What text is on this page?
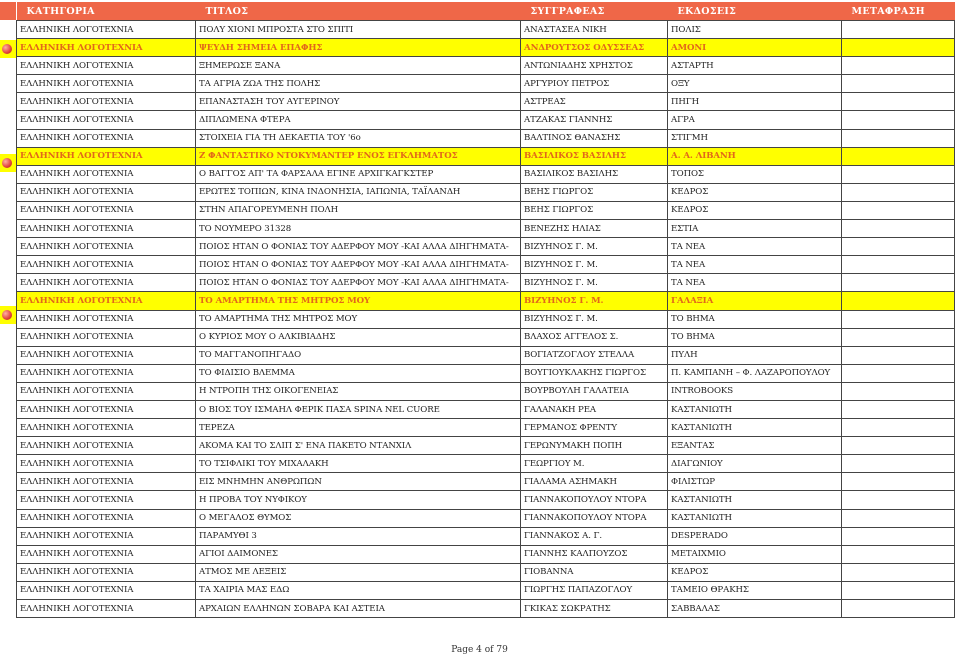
ΚΑΤΗΓΟΡΙΑ	ΤΙΤΛΟΣ	ΣΥΓΓΡΑΦΕΑΣ	ΕΚΔΟΣΕΙΣ	ΜΕΤΑΦΡΑΣΗ
ΕΛΛΗΝΙΚΗ ΛΟΓΟΤΕΧΝΙΑ	ΠΟΛΥ ΧΙΟΝΙ ΜΠΡΟΣΤΑ ΣΤΟ ΣΠΙΤΙ	ΑΝΑΣΤΑΣΕΑ ΝΙΚΗ	ΠΟΛΙΣ	
ΕΛΛΗΝΙΚΗ ΛΟΓΟΤΕΧΝΙΑ	ΨΕΥΔΗ ΣΗΜΕΙΑ ΕΠΑΦΗΣ	ΑΝΔΡΟΥΤΣΟΣ ΟΔΥΣΣΕΑΣ	ΑΜΟΝΙ	
ΕΛΛΗΝΙΚΗ ΛΟΓΟΤΕΧΝΙΑ	ΞΗΜΕΡΩΣΕ ΞΑΝΑ	ΑΝΤΩΝΙΑΔΗΣ ΧΡΗΣΤΟΣ	ΑΣΤΑΡΤΗ	
ΕΛΛΗΝΙΚΗ ΛΟΓΟΤΕΧΝΙΑ	ΤΑ ΑΓΡΙΑ ΖΩΑ ΤΗΣ ΠΟΛΗΣ	ΑΡΓΥΡΙΟΥ ΠΕΤΡΟΣ	ΟΞΥ	
ΕΛΛΗΝΙΚΗ ΛΟΓΟΤΕΧΝΙΑ	ΕΠΑΝΑΣΤΑΣΗ ΤΟΥ ΑΥΓΕΡΙΝΟΥ	ΑΣΤΡΕΑΣ	ΠΗΓΗ	
ΕΛΛΗΝΙΚΗ ΛΟΓΟΤΕΧΝΙΑ	ΔΙΠΛΩΜΕΝΑ ΦΤΕΡΑ	ΑΤΖΑΚΑΣ ΓΙΑΝΝΗΣ	ΑΓΡΑ	
ΕΛΛΗΝΙΚΗ ΛΟΓΟΤΕΧΝΙΑ	ΣΤΟΙΧΕΙΑ ΓΙΑ ΤΗ ΔΕΚΑΕΤΙΑ ΤΟΥ '6ο	ΒΑΛΤΙΝΟΣ ΘΑΝΑΣΗΣ	ΣΤΙΓΜΗ	
ΕΛΛΗΝΙΚΗ ΛΟΓΟΤΕΧΝΙΑ	Ζ ΦΑΝΤΑΣΤΙΚΟ ΝΤΟΚΥΜΑΝΤΕΡ ΕΝΟΣ ΕΓΚΛΗΜΑΤΟΣ	ΒΑΣΙΛΙΚΟΣ ΒΑΣΙΛΗΣ	Α. Α. ΛΙΒΑΝΗ	
ΕΛΛΗΝΙΚΗ ΛΟΓΟΤΕΧΝΙΑ	Ο ΒΑΓΓΟΣ ΑΠ' ΤΑ ΦΑΡΣΑΛΑ ΕΓΙΝΕ ΑΡΧΙΓΚΑΓΚΣΤΕΡ	ΒΑΣΙΛΙΚΟΣ ΒΑΣΙΛΗΣ	ΤΟΠΟΣ	
ΕΛΛΗΝΙΚΗ ΛΟΓΟΤΕΧΝΙΑ	ΕΡΩΤΕΣ ΤΟΠΙΩΝ, ΚΙΝΑ ΙΝΔΟΝΗΣΙΑ, ΙΑΠΩΝΙΑ, ΤΑΪΛΑΝΔΗ	ΒΕΗΣ ΓΙΩΡΓΟΣ	ΚΕΔΡΟΣ	
ΕΛΛΗΝΙΚΗ ΛΟΓΟΤΕΧΝΙΑ	ΣΤΗΝ ΑΠΑΓΟΡΕΥΜΕΝΗ ΠΟΛΗ	ΒΕΗΣ ΓΙΩΡΓΟΣ	ΚΕΔΡΟΣ	
ΕΛΛΗΝΙΚΗ ΛΟΓΟΤΕΧΝΙΑ	ΤΟ ΝΟΥΜΕΡΟ 31328	ΒΕΝΕΖΗΣ ΗΛΙΑΣ	ΕΣΤΙΑ	
ΕΛΛΗΝΙΚΗ ΛΟΓΟΤΕΧΝΙΑ	ΠΟΙΟΣ ΗΤΑΝ Ο ΦΟΝΙΑΣ ΤΟΥ ΑΔΕΡΦΟΥ ΜΟΥ -ΚΑΙ ΑΛΛΑ ΔΙΗΓΗΜΑΤΑ-	ΒΙΖΥΗΝΟΣ Γ. Μ.	ΤΑ ΝΕΑ	
ΕΛΛΗΝΙΚΗ ΛΟΓΟΤΕΧΝΙΑ	ΠΟΙΟΣ ΗΤΑΝ Ο ΦΟΝΙΑΣ ΤΟΥ ΑΔΕΡΦΟΥ ΜΟΥ -ΚΑΙ ΑΛΛΑ ΔΙΗΓΗΜΑΤΑ-	ΒΙΖΥΗΝΟΣ Γ. Μ.	ΤΑ ΝΕΑ	
ΕΛΛΗΝΙΚΗ ΛΟΓΟΤΕΧΝΙΑ	ΠΟΙΟΣ ΗΤΑΝ Ο ΦΟΝΙΑΣ ΤΟΥ ΑΔΕΡΦΟΥ ΜΟΥ -ΚΑΙ ΑΛΛΑ ΔΙΗΓΗΜΑΤΑ-	ΒΙΖΥΗΝΟΣ Γ. Μ.	ΤΑ ΝΕΑ	
ΕΛΛΗΝΙΚΗ ΛΟΓΟΤΕΧΝΙΑ	ΤΟ ΑΜΑΡΤΗΜΑ ΤΗΣ ΜΗΤΡΟΣ ΜΟΥ	ΒΙΖΥΗΝΟΣ Γ. Μ.	ΓΑΛΑΞΙΑ	
ΕΛΛΗΝΙΚΗ ΛΟΓΟΤΕΧΝΙΑ	ΤΟ ΑΜΑΡΤΗΜΑ ΤΗΣ ΜΗΤΡΟΣ ΜΟΥ	ΒΙΖΥΗΝΟΣ Γ. Μ.	ΤΟ ΒΗΜΑ	
ΕΛΛΗΝΙΚΗ ΛΟΓΟΤΕΧΝΙΑ	Ο ΚΥΡΙΟΣ ΜΟΥ Ο ΑΛΚΙΒΙΑΔΗΣ	ΒΛΑΧΟΣ ΑΓΓΕΛΟΣ Σ.	ΤΟ ΒΗΜΑ	
ΕΛΛΗΝΙΚΗ ΛΟΓΟΤΕΧΝΙΑ	ΤΟ ΜΑΓΓΑΝΟΠΗΓΑΔΟ	ΒΟΓΙΑΤΖΟΓΛΟΥ ΣΤΕΛΛΑ	ΠΥΛΗ	
ΕΛΛΗΝΙΚΗ ΛΟΓΟΤΕΧΝΙΑ	ΤΟ ΦΙΔΙΣΙΟ ΒΛΕΜΜΑ	ΒΟΥΓΙΟΥΚΛΑΚΗΣ ΓΙΩΡΓΟΣ	Π. ΚΑΜΠΑΝΗ – Φ. ΛΑΖΑΡΟΠΟΥΛΟΥ	
ΕΛΛΗΝΙΚΗ ΛΟΓΟΤΕΧΝΙΑ	Η ΝΤΡΟΠΗ ΤΗΣ ΟΙΚΟΓΕΝΕΙΑΣ	ΒΟΥΡΒΟΥΛΗ ΓΑΛΑΤΕΙΑ	INTROBOOKS	
ΕΛΛΗΝΙΚΗ ΛΟΓΟΤΕΧΝΙΑ	Ο ΒΙΟΣ ΤΟΥ ΙΣΜΑΗΛ ΦΕΡΙΚ ΠΑΣΑ SPINA NEL CUORE	ΓΑΛΑΝΑΚΗ ΡΕΑ	ΚΑΣΤΑΝΙΩΤΗ	
ΕΛΛΗΝΙΚΗ ΛΟΓΟΤΕΧΝΙΑ	ΤΕΡΕΖΑ	ΓΕΡΜΑΝΟΣ ΦΡΕΝΤΥ	ΚΑΣΤΑΝΙΩΤΗ	
ΕΛΛΗΝΙΚΗ ΛΟΓΟΤΕΧΝΙΑ	ΑΚΟΜΑ ΚΑΙ ΤΟ ΣΛΙΠ Σ' ΕΝΑ ΠΑΚΕΤΟ ΝΤΑΝΧΙΛ	ΓΕΡΩΝΥΜΑΚΗ ΠΟΠΗ	ΕΞΑΝΤΑΣ	
ΕΛΛΗΝΙΚΗ ΛΟΓΟΤΕΧΝΙΑ	ΤΟ ΤΣΙΦΛΙΚΙ ΤΟΥ ΜΙΧΑΛΑΚΗ	ΓΕΩΡΓΙΟΥ Μ.	ΔΙΑΓΩΝΙΟΥ	
ΕΛΛΗΝΙΚΗ ΛΟΓΟΤΕΧΝΙΑ	ΕΙΣ ΜΝΗΜΗΝ ΑΝΘΡΩΠΩΝ	ΓΙΑΛΑΜΑ ΑΣΗΜΑΚΗ	ΦΙΛΙΣΤΩΡ	
ΕΛΛΗΝΙΚΗ ΛΟΓΟΤΕΧΝΙΑ	Η ΠΡΟΒΑ ΤΟΥ ΝΥΦΙΚΟΥ	ΓΙΑΝΝΑΚΟΠΟΥΛΟΥ ΝΤΟΡΑ	ΚΑΣΤΑΝΙΩΤΗ	
ΕΛΛΗΝΙΚΗ ΛΟΓΟΤΕΧΝΙΑ	Ο ΜΕΓΑΛΟΣ ΘΥΜΟΣ	ΓΙΑΝΝΑΚΟΠΟΥΛΟΥ ΝΤΟΡΑ	ΚΑΣΤΑΝΙΩΤΗ	
ΕΛΛΗΝΙΚΗ ΛΟΓΟΤΕΧΝΙΑ	ΠΑΡΑΜΥΘΙ 3	ΓΙΑΝΝΑΚΟΣ Α. Γ.	DESPERADO	
ΕΛΛΗΝΙΚΗ ΛΟΓΟΤΕΧΝΙΑ	ΑΓΙΟΙ ΔΑΙΜΟΝΕΣ	ΓΙΑΝΝΗΣ ΚΑΛΠΟΥΖΟΣ	ΜΕΤΑΙΧΜΙΟ	
ΕΛΛΗΝΙΚΗ ΛΟΓΟΤΕΧΝΙΑ	ΑΤΜΟΣ ΜΕ ΛΕΞΕΙΣ	ΓΙΟΒΑΝΝΑ	ΚΕΔΡΟΣ	
ΕΛΛΗΝΙΚΗ ΛΟΓΟΤΕΧΝΙΑ	ΤΑ ΧΑΙΡΙΑ ΜΑΣ ΕΔΩ	ΓΙΩΡΓΗΣ ΠΑΠΑΖΟΓΛΟΥ	ΤΑΜΕΙΟ ΘΡΑΚΗΣ	
ΕΛΛΗΝΙΚΗ ΛΟΓΟΤΕΧΝΙΑ	ΑΡΧΑΙΩΝ ΕΛΛΗΝΩΝ ΣΟΒΑΡΑ ΚΑΙ ΑΣΤΕΙΑ	ΓΚΙΚΑΣ ΣΩΚΡΑΤΗΣ	ΣΑΒΒΑΛΑΣ	
Page 4 of 79
